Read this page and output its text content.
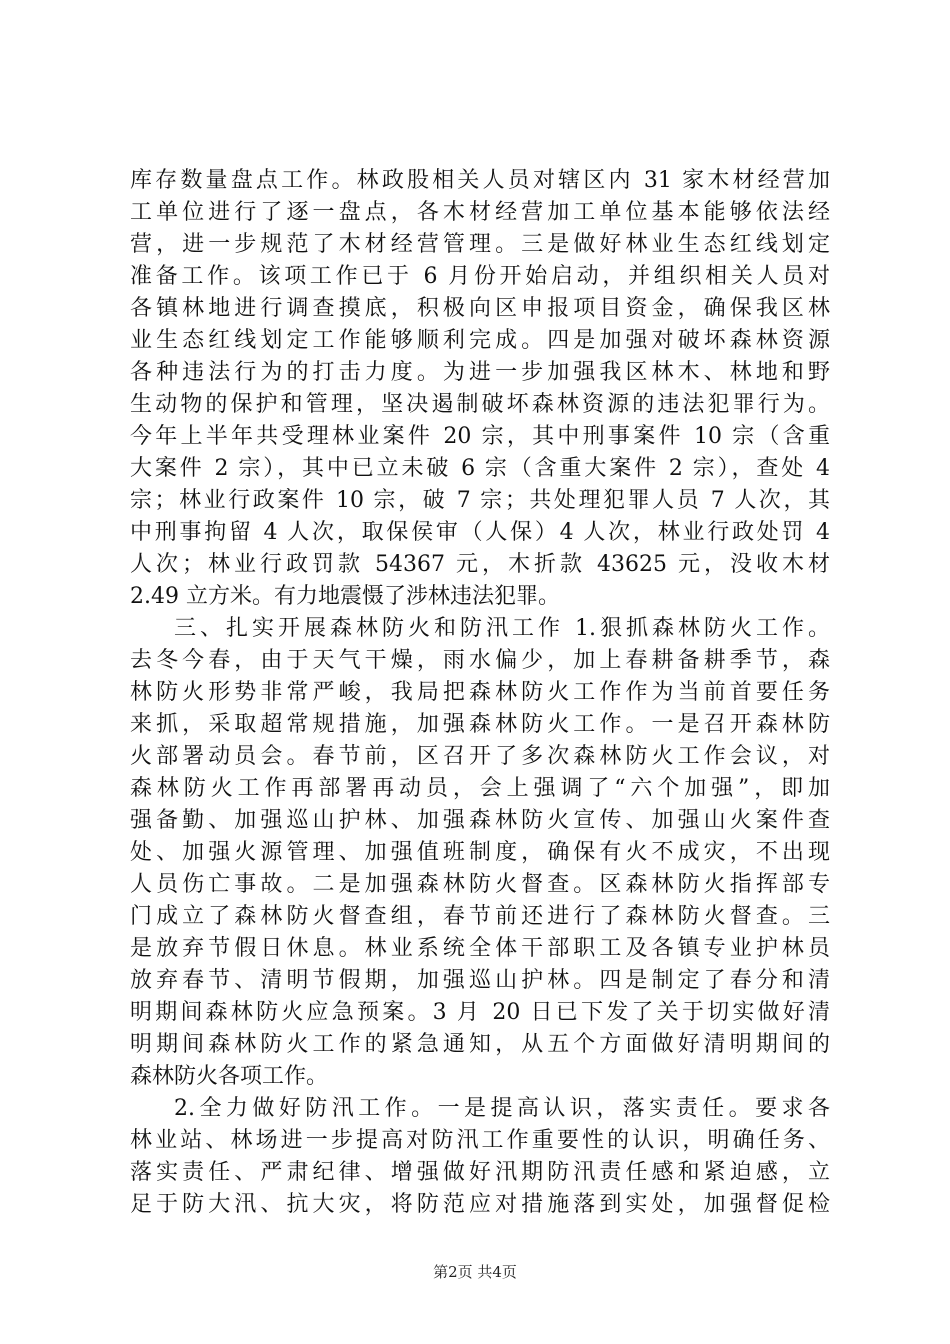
库存数量盘点工作。林政股相关人员对辖区内 31 家木材经营加
工单位进行了逐一盘点，各木材经营加工单位基本能够依法经
营，进一步规范了木材经营管理。三是做好林业生态红线划定
准备工作。该项工作已于 6 月份开始启动，并组织相关人员对
各镇林地进行调查摸底，积极向区申报项目资金，确保我区林
业生态红线划定工作能够顺利完成。四是加强对破坏森林资源
各种违法行为的打击力度。为进一步加强我区林木、林地和野
生动物的保护和管理，坚决遏制破坏森林资源的违法犯罪行为。
今年上半年共受理林业案件 20 宗，其中刑事案件 10 宗（含重
大案件 2 宗），其中已立未破 6 宗（含重大案件 2 宗），查处 4
宗；林业行政案件 10 宗，破 7 宗；共处理犯罪人员 7 人次，其
中刑事拘留 4 人次，取保侯审（人保）4 人次，林业行政处罚 4
人次；林业行政罚款 54367 元，木折款 43625 元，没收木材
2.49 立方米。有力地震慑了涉林违法犯罪。
三、扎实开展森林防火和防汛工作 1.狠抓森林防火工作。
去冬今春，由于天气干燥，雨水偏少，加上春耕备耕季节，森
林防火形势非常严峻，我局把森林防火工作作为当前首要任务
来抓，采取超常规措施，加强森林防火工作。一是召开森林防
火部署动员会。春节前，区召开了多次森林防火工作会议，对
森林防火工作再部署再动员，会上强调了“六个加强”，即加
强备勤、加强巡山护林、加强森林防火宣传、加强山火案件查
处、加强火源管理、加强值班制度，确保有火不成灾，不出现
人员伤亡事故。二是加强森林防火督查。区森林防火指挥部专
门成立了森林防火督查组，春节前还进行了森林防火督查。三
是放弃节假日休息。林业系统全体干部职工及各镇专业护林员
放弃春节、清明节假期，加强巡山护林。四是制定了春分和清
明期间森林防火应急预案。3 月 20 日已下发了关于切实做好清
明期间森林防火工作的紧急通知，从五个方面做好清明期间的
森林防火各项工作。
2.全力做好防汛工作。一是提高认识，落实责任。要求各
林业站、林场进一步提高对防汛工作重要性的认识，明确任务、
落实责任、严肃纪律、增强做好汛期防汛责任感和紧迫感，立
足于防大汛、抗大灾，将防范应对措施落到实处，加强督促检
第2页 共4页
